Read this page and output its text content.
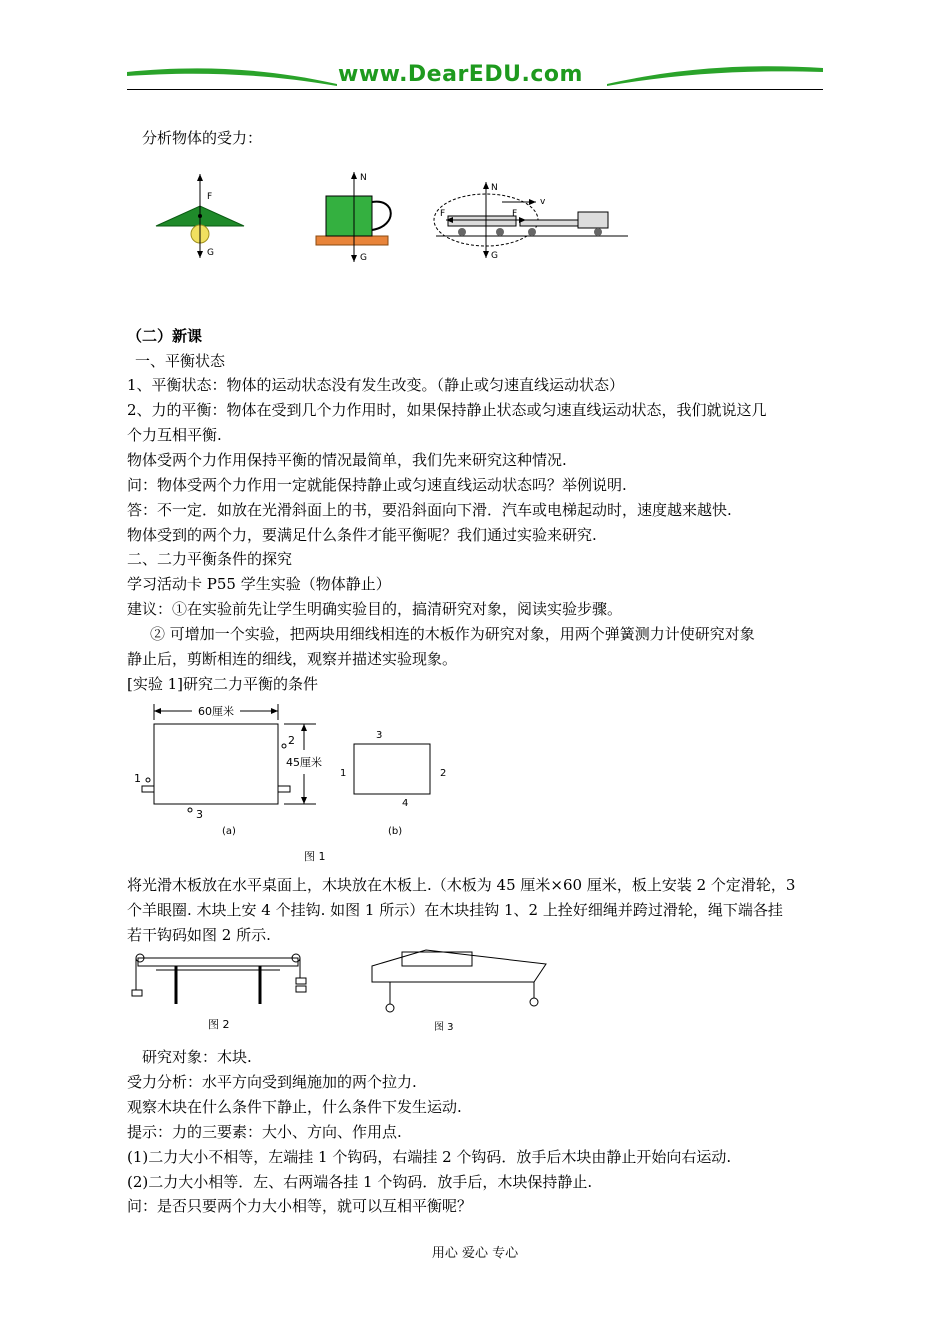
www.DearEDU.com
分析物体的受力：
F
G
N
G
N
G
F	F
v
（二）新课
一、平衡状态
1、平衡状态：物体的运动状态没有发生改变。（静止或匀速直线运动状态）
2、力的平衡：物体在受到几个力作用时，如果保持静止状态或匀速直线运动状态，我们就说这几
个力互相平衡.
物体受两个力作用保持平衡的情况最简单，我们先来研究这种情况.
问：物体受两个力作用一定就能保持静止或匀速直线运动状态吗？举例说明.
答：不一定．如放在光滑斜面上的书，要沿斜面向下滑．汽车或电梯起动时，速度越来越快.
物体受到的两个力，要满足什么条件才能平衡呢？我们通过实验来研究.
二、二力平衡条件的探究
学习活动卡 P55 学生实验（物体静止）
建议：①在实验前先让学生明确实验目的，搞清研究对象，阅读实验步骤。
② 可增加一个实验，把两块用细线相连的木板作为研究对象，用两个弹簧测力计使研究对象
静止后，剪断相连的细线，观察并描述实验现象。
[实验 1]研究二力平衡的条件
60厘米
45厘米
2
1
3
(a)
3
1	2
4
(b)
图 1
将光滑木板放在水平桌面上，木块放在木板上.（木板为 45 厘米×60 厘米，板上安装 2 个定滑轮，3
个羊眼圈. 木块上安 4 个挂钩. 如图 1 所示）在木块挂钩 1、2 上拴好细绳并跨过滑轮，绳下端各挂
若干钩码如图 2 所示.
图 2	图 3
研究对象：木块.
受力分析：水平方向受到绳施加的两个拉力.
观察木块在什么条件下静止，什么条件下发生运动.
提示：力的三要素：大小、方向、作用点.
(1)二力大小不相等，左端挂 1 个钩码，右端挂 2 个钩码．放手后木块由静止开始向右运动.
(2)二力大小相等．左、右两端各挂 1 个钩码．放手后，木块保持静止.
问：是否只要两个力大小相等，就可以互相平衡呢？
用心 爱心 专心
